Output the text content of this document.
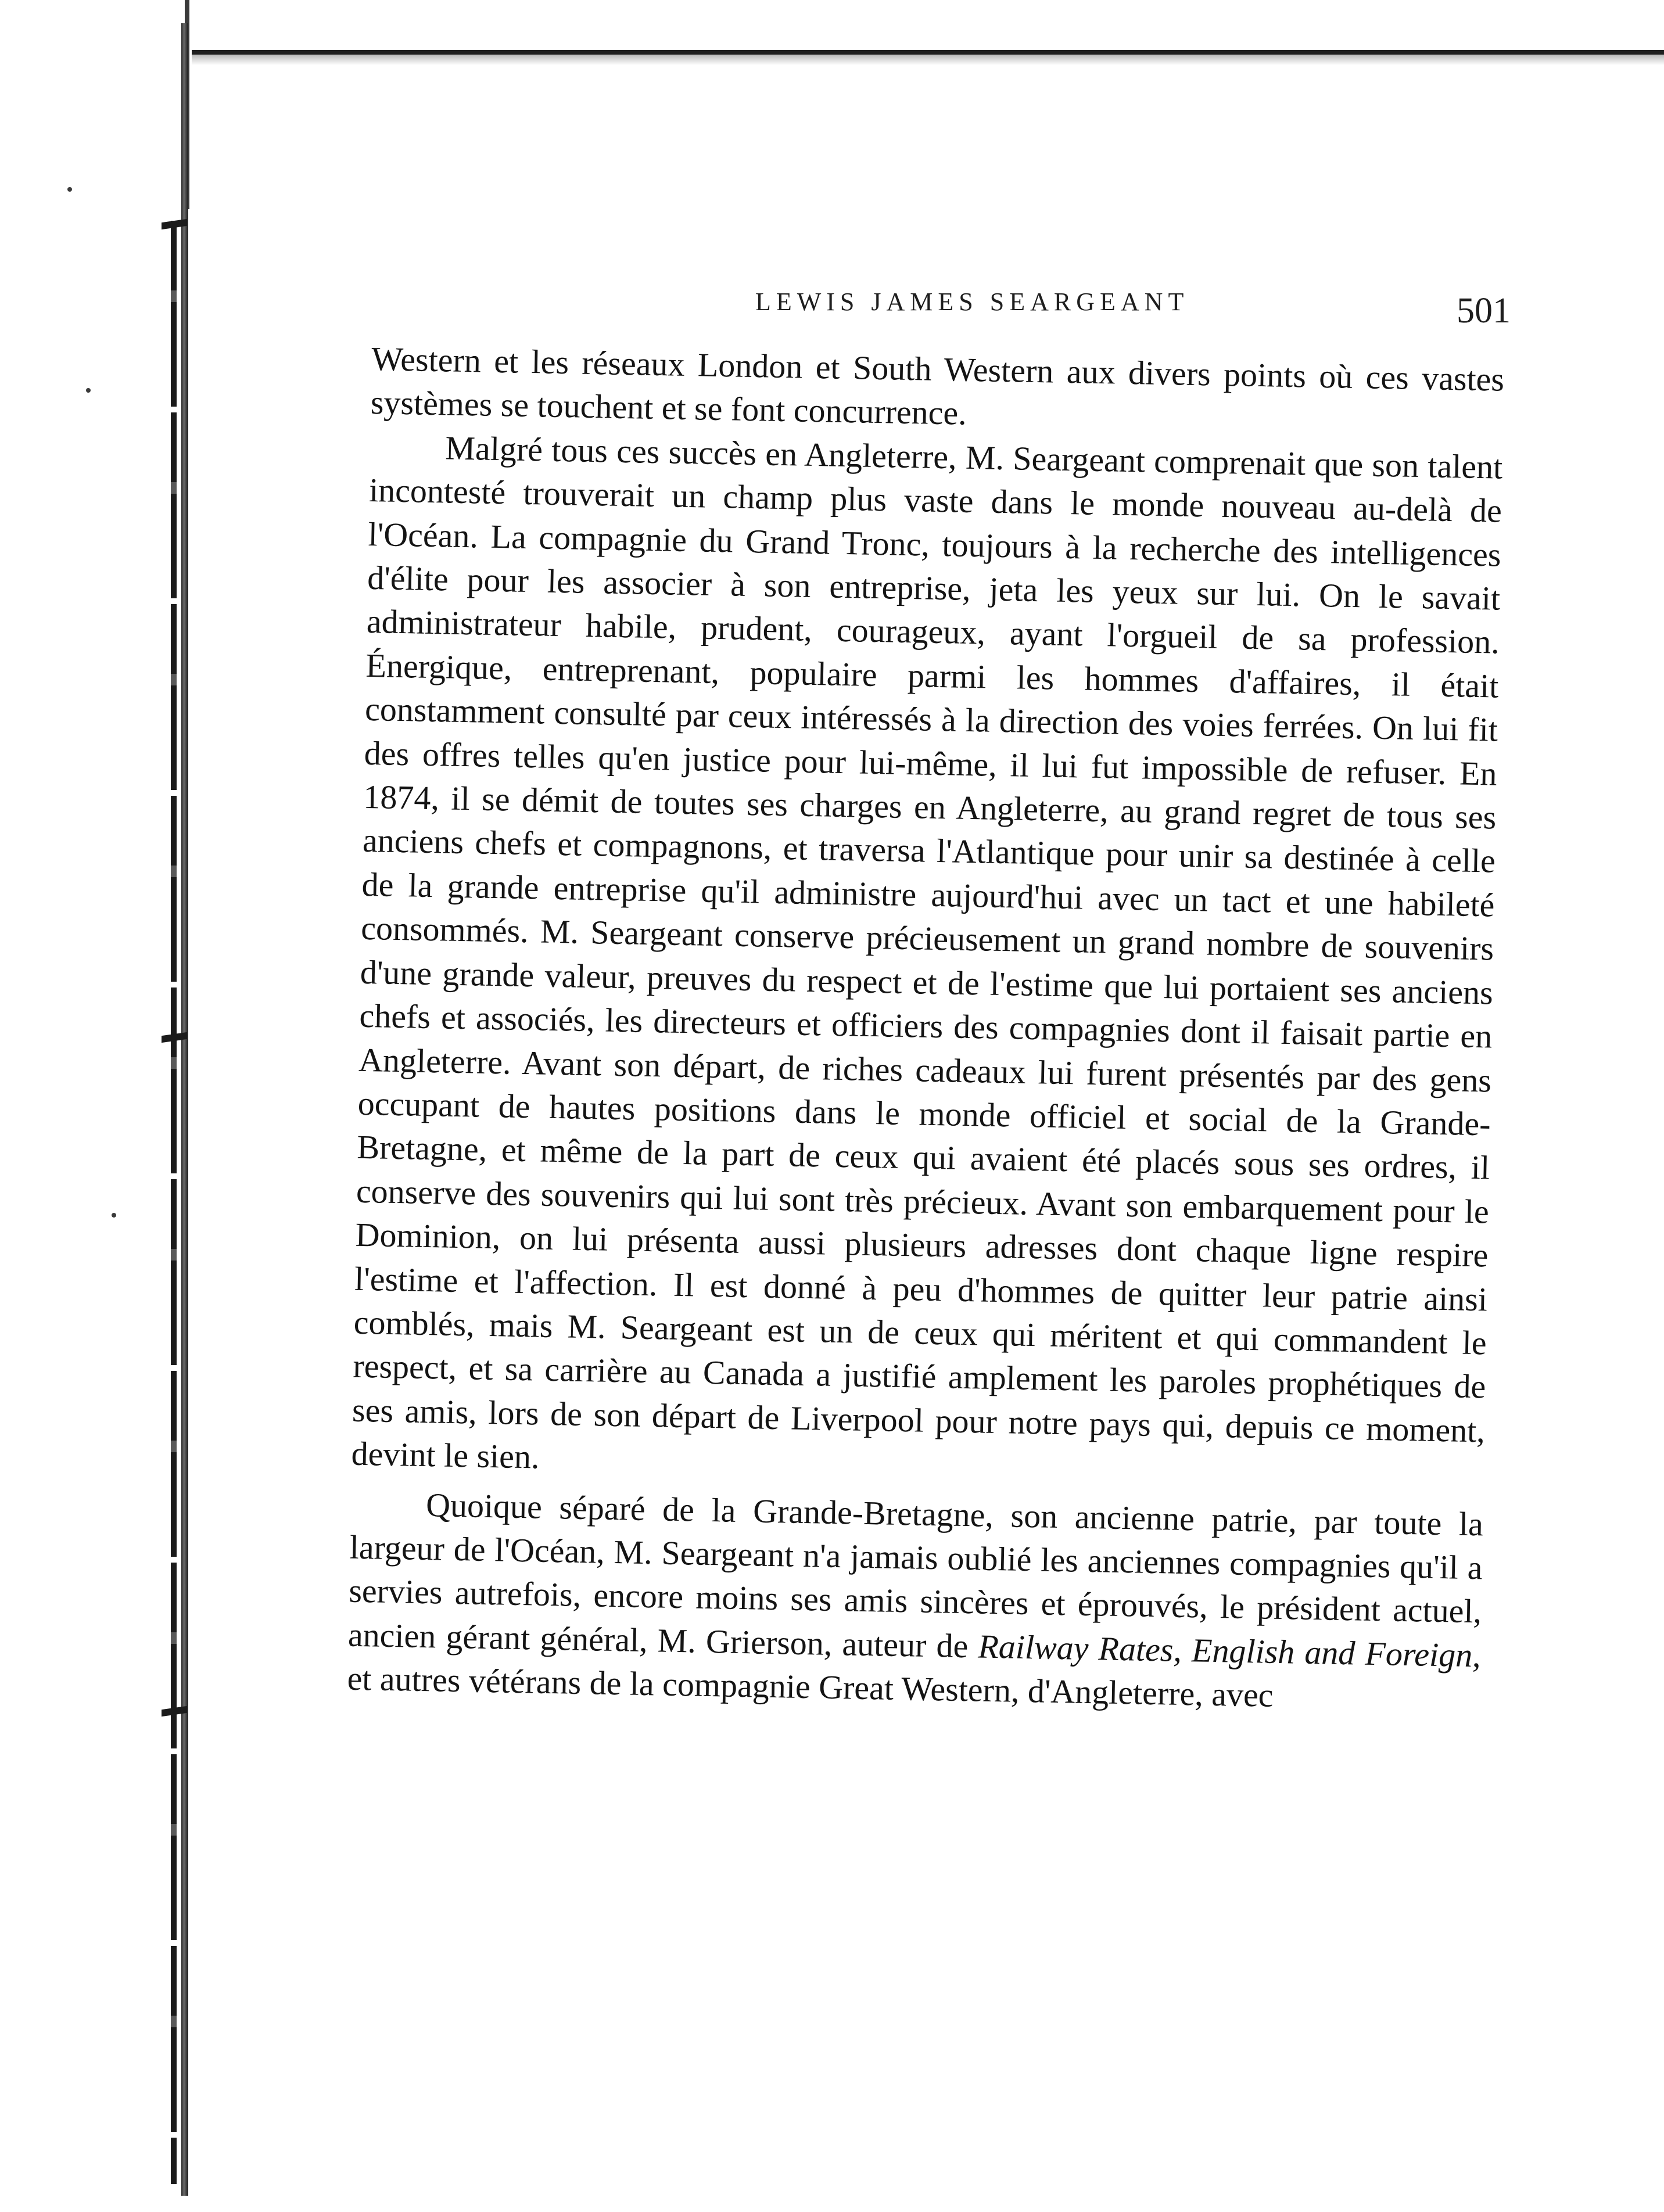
LEWIS JAMES SEARGEANT	501

Western et les réseaux London et South Western aux divers points où ces vastes systèmes se touchent et se font concurrence.

Malgré tous ces succès en Angleterre, M. Seargeant comprenait que son talent incontesté trouverait un champ plus vaste dans le monde nouveau au-delà de l'Océan. La compagnie du Grand Tronc, toujours à la recherche des intelligences d'élite pour les associer à son entreprise, jeta les yeux sur lui. On le savait administrateur habile, prudent, courageux, ayant l'orgueil de sa profession. Énergique, entreprenant, populaire parmi les hommes d'affaires, il était constamment consulté par ceux intéressés à la direction des voies ferrées. On lui fit des offres telles qu'en justice pour lui-même, il lui fut impossible de refuser. En 1874, il se démit de toutes ses charges en Angleterre, au grand regret de tous ses anciens chefs et compagnons, et traversa l'Atlantique pour unir sa destinée à celle de la grande entreprise qu'il administre aujourd'hui avec un tact et une habileté consommés. M. Seargeant conserve précieusement un grand nombre de souvenirs d'une grande valeur, preuves du respect et de l'estime que lui portaient ses anciens chefs et associés, les directeurs et officiers des compagnies dont il faisait partie en Angleterre. Avant son départ, de riches cadeaux lui furent présentés par des gens occupant de hautes positions dans le monde officiel et social de la Grande-Bretagne, et même de la part de ceux qui avaient été placés sous ses ordres, il conserve des souvenirs qui lui sont très précieux. Avant son embarquement pour le Dominion, on lui présenta aussi plusieurs adresses dont chaque ligne respire l'estime et l'affection. Il est donné à peu d'hommes de quitter leur patrie ainsi comblés, mais M. Seargeant est un de ceux qui méritent et qui commandent le respect, et sa carrière au Canada a justifié amplement les paroles prophétiques de ses amis, lors de son départ de Liverpool pour notre pays qui, depuis ce moment, devint le sien.

Quoique séparé de la Grande-Bretagne, son ancienne patrie, par toute la largeur de l'Océan, M. Seargeant n'a jamais oublié les anciennes compagnies qu'il a servies autrefois, encore moins ses amis sincères et éprouvés, le président actuel, ancien gérant général, M. Grierson, auteur de Railway Rates, English and Foreign, et autres vétérans de la compagnie Great Western, d'Angleterre, avec
